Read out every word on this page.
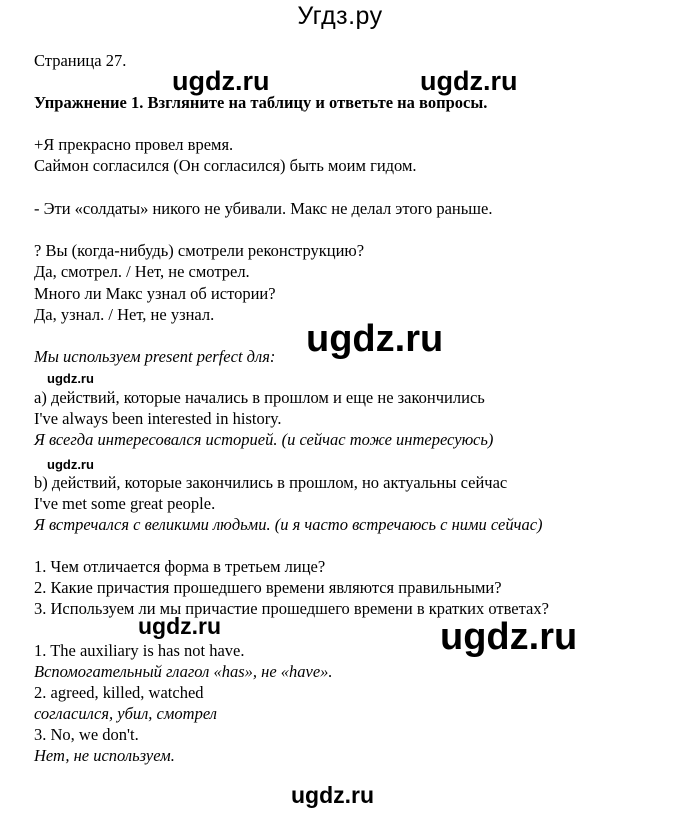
Угдз.ру
ugdz.ru	ugdz.ru
ugdz.ru
ugdz.ru
ugdz.ru
ugdz.ru	ugdz.ru
ugdz.ru
Страница 27.
Упражнение 1. Взгляните на таблицу и ответьте на вопросы.
+Я прекрасно провел время.
Саймон согласился (Он согласился) быть моим гидом.
- Эти «солдаты» никого не убивали. Макс не делал этого раньше.
? Вы (когда-нибудь) смотрели реконструкцию?
Да, смотрел. / Нет, не смотрел.
Много ли Макс узнал об истории?
Да, узнал. / Нет, не узнал.
Мы используем present perfect для:
a) действий, которые начались в прошлом и еще не закончились
I've always been interested in history.
Я всегда интересовался историей. (и сейчас тоже интересуюсь)
b) действий, которые закончились в прошлом, но актуальны сейчас
I've met some great people.
Я встречался с великими людьми. (и я часто встречаюсь с ними сейчас)
1. Чем отличается форма в третьем лице?
2. Какие причастия прошедшего времени являются правильными?
3. Используем ли мы причастие прошедшего времени в кратких ответах?
1. The auxiliary is has not have.
Вспомогательный глагол «has», не «have».
2. agreed, killed, watched
согласился, убил, смотрел
3. No, we don't.
Нет, не используем.
